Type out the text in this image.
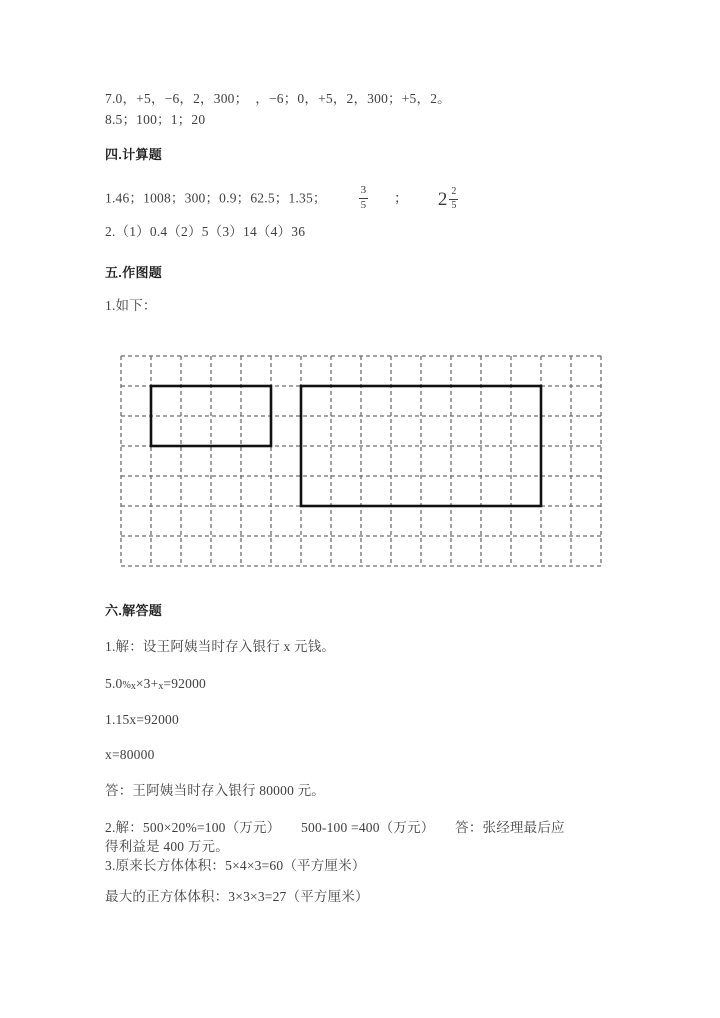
7.0，+5，−6，2，300；　，−6；0，+5，2，300；+5，2。
8.5；100；1；20
四.计算题
1.46；1008；300；0.9；62.5；1.35；	$\frac{3}{5}$ ； $2 \frac{2}{5}$
2.（1）0.4（2）5（3）14（4）36
五.作图题
1.如下：
六.解答题
1.解：设王阿姨当时存入银行 x 元钱。
5.0%x×3+x=92000
1.15x=92000
x=80000
答：王阿姨当时存入银行 80000 元。
2.解：500×20%=100（万元）　　500-100 =400（万元）　　答：张经理最后应
得利益是 400 万元。
3.原来长方体体积：5×4×3=60（平方厘米）
最大的正方体体积：3×3×3=27（平方厘米）
